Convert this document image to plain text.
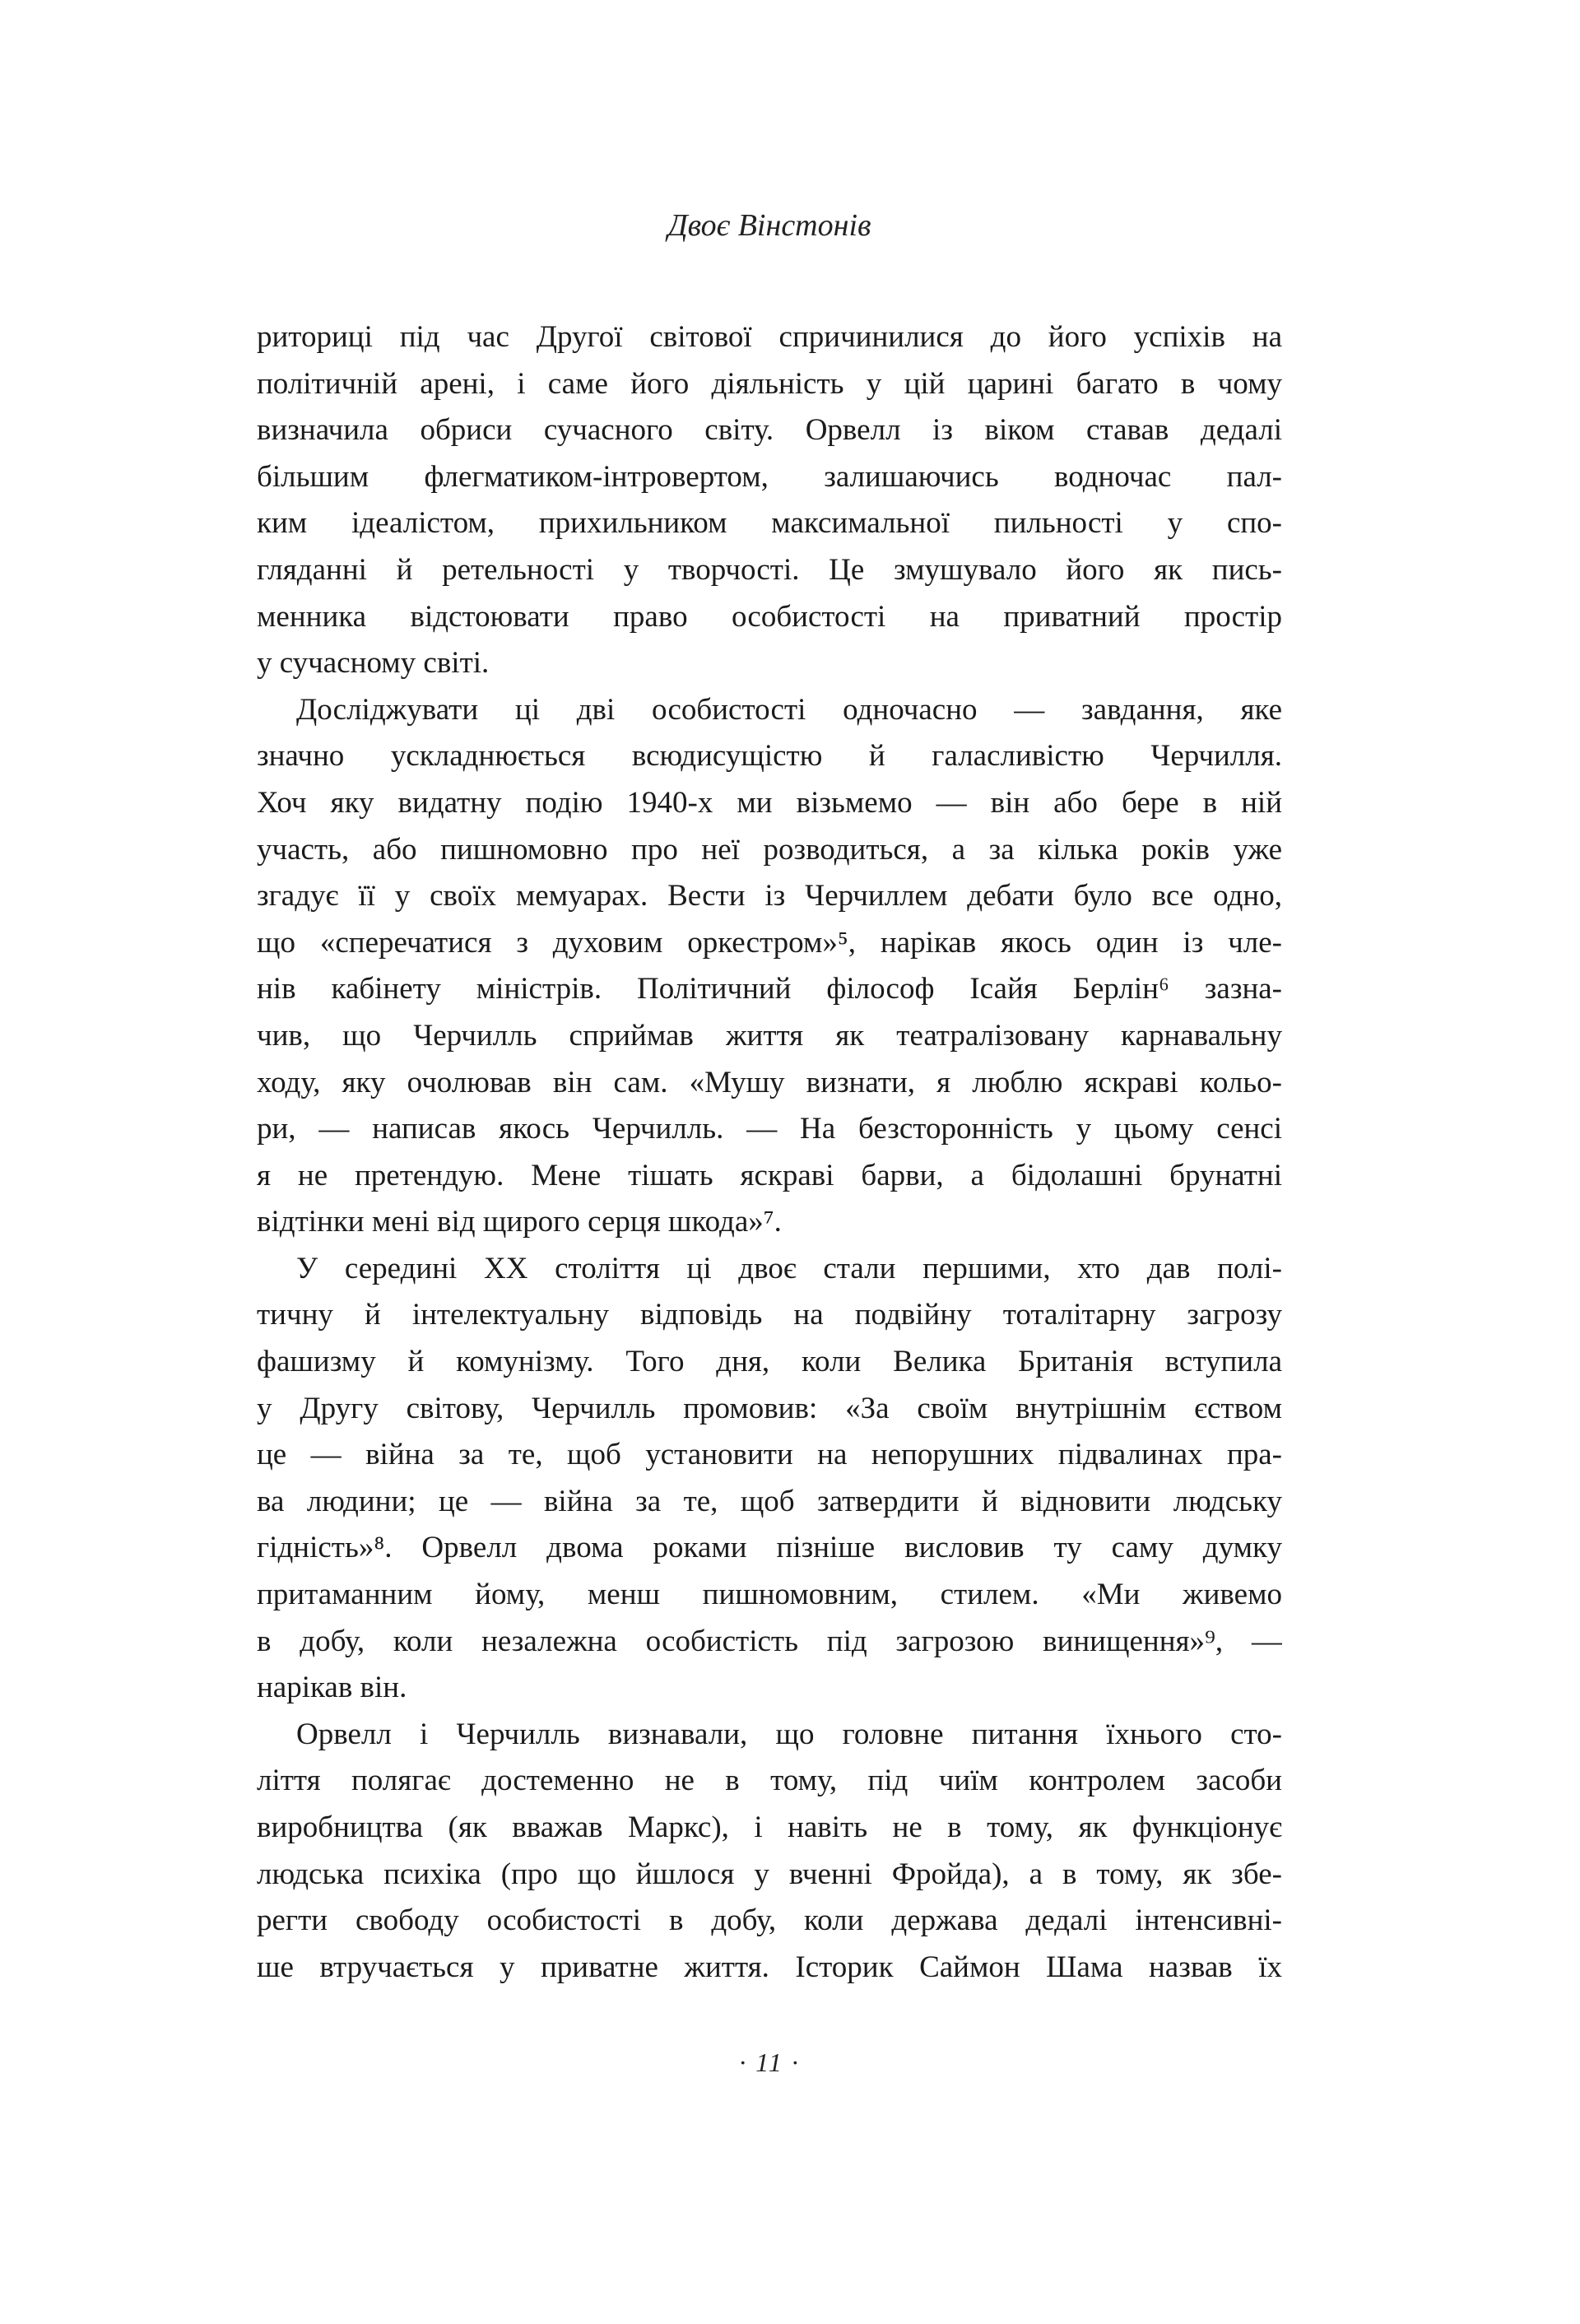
Двоє Вінстонів
риториці під час Другої світової спричинилися до його успіхів на
політичній арені, і саме його діяльність у цій царині багато в чому
визначила обриси сучасного світу. Орвелл із віком ставав дедалі
більшим флегматиком-інтровертом, залишаючись водночас пал-
ким ідеалістом, прихильником максимальної пильності у спо-
гляданні й ретельності у творчості. Це змушувало його як пись-
менника відстоювати право особистості на приватний простір
у сучасному світі.
Досліджувати ці дві особистості одночасно — завдання, яке
значно ускладнюється всюдисущістю й галасливістю Черчилля.
Хоч яку видатну подію 1940-х ми візьмемо — він або бере в ній
участь, або пишномовно про неї розводиться, а за кілька років уже
згадує її у своїх мемуарах. Вести із Черчиллем дебати було все одно,
що «сперечатися з духовим оркестром»⁵, нарікав якось один із чле-
нів кабінету міністрів. Політичний філософ Ісайя Берлін⁶ зазна-
чив, що Черчилль сприймав життя як театралізовану карнавальну
ходу, яку очолював він сам. «Мушу визнати, я люблю яскраві кольо-
ри, — написав якось Черчилль. — На безсторонність у цьому сенсі
я не претендую. Мене тішать яскраві барви, а бідолашні брунатні
відтінки мені від щирого серця шкода»⁷.
У середині ХХ століття ці двоє стали першими, хто дав полі-
тичну й інтелектуальну відповідь на подвійну тоталітарну загрозу
фашизму й комунізму. Того дня, коли Велика Британія вступила
у Другу світову, Черчилль промовив: «За своїм внутрішнім єством
це — війна за те, щоб установити на непорушних підвалинах пра-
ва людини; це — війна за те, щоб затвердити й відновити людську
гідність»⁸. Орвелл двома роками пізніше висловив ту саму думку
притаманним йому, менш пишномовним, стилем. «Ми живемо
в добу, коли незалежна особистість під загрозою винищення»⁹, —
нарікав він.
Орвелл і Черчилль визнавали, що головне питання їхнього сто-
ліття полягає достеменно не в тому, під чиїм контролем засоби
виробництва (як вважав Маркс), і навіть не в тому, як функціонує
людська психіка (про що йшлося у вченні Фройда), а в тому, як збе-
регти свободу особистості в добу, коли держава дедалі інтенсивні-
ше втручається у приватне життя. Історик Саймон Шама назвав їх
· 11 ·
